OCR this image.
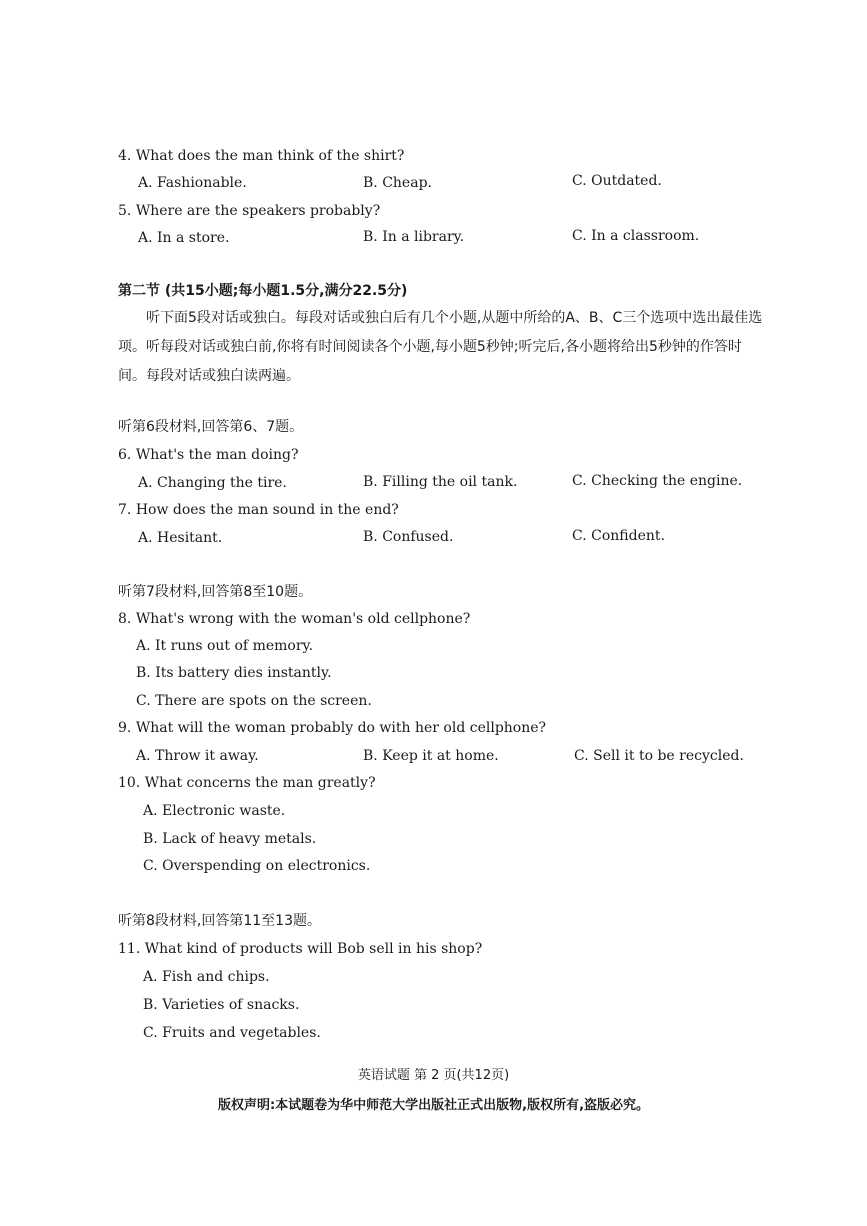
4. What does the man think of the shirt?
A. Fashionable.	B. Cheap.	C. Outdated.
5. Where are the speakers probably?
A. In a store.	B. In a library.	C. In a classroom.
第二节 (共15小题;每小题1.5分,满分22.5分)
听下面5段对话或独白。每段对话或独白后有几个小题,从题中所给的A、B、C三个选项中选出最佳选项。听每段对话或独白前,你将有时间阅读各个小题,每小题5秒钟;听完后,各小题将给出5秒钟的作答时间。每段对话或独白读两遍。
听第6段材料,回答第6、7题。
6. What's the man doing?
A. Changing the tire.	B. Filling the oil tank.	C. Checking the engine.
7. How does the man sound in the end?
A. Hesitant.	B. Confused.	C. Confident.
听第7段材料,回答第8至10题。
8. What's wrong with the woman's old cellphone?
A. It runs out of memory.
B. Its battery dies instantly.
C. There are spots on the screen.
9. What will the woman probably do with her old cellphone?
A. Throw it away.	B. Keep it at home.	C. Sell it to be recycled.
10. What concerns the man greatly?
A. Electronic waste.
B. Lack of heavy metals.
C. Overspending on electronics.
听第8段材料,回答第11至13题。
11. What kind of products will Bob sell in his shop?
A. Fish and chips.
B. Varieties of snacks.
C. Fruits and vegetables.
英语试题 第 2 页(共12页)
版权声明:本试题卷为华中师范大学出版社正式出版物,版权所有,盗版必究。
